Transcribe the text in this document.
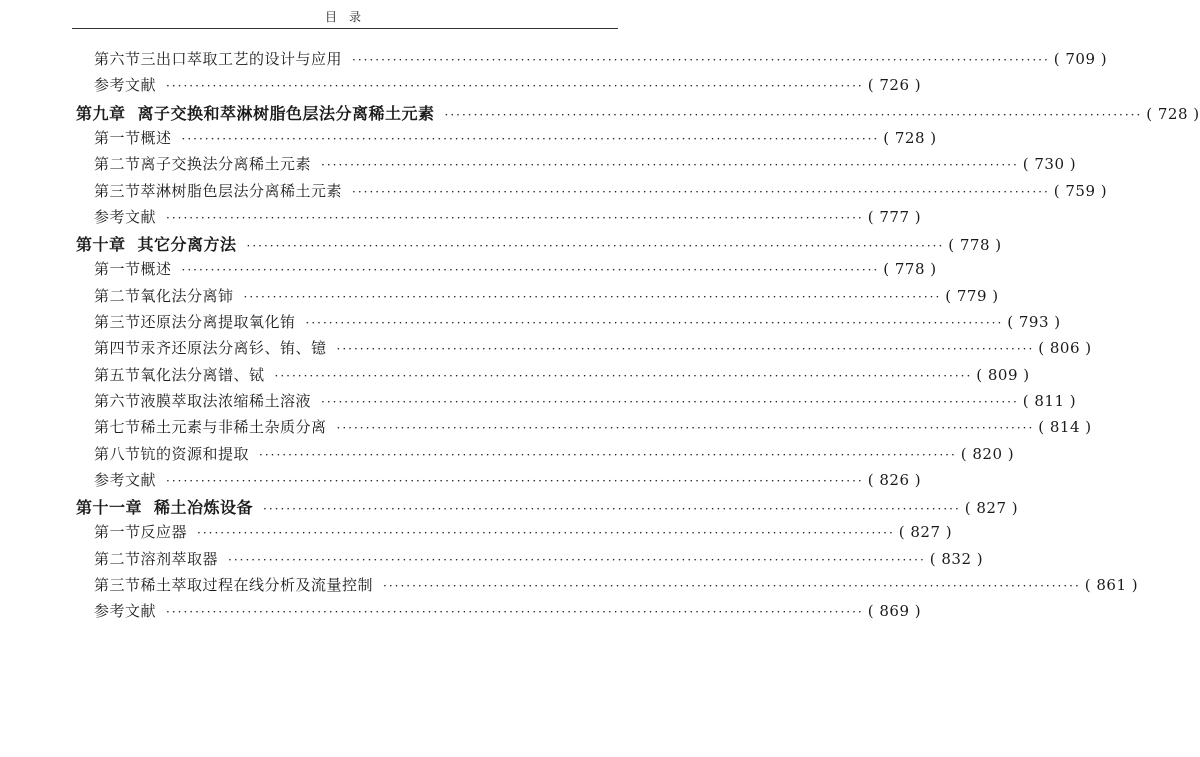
目录
第六节 三出口萃取工艺的设计与应用 ························································································································ ( 709 )
参考文献 ························································································································ ( 726 )
第九章 离子交换和萃淋树脂色层法分离稀土元素 ························································································································ ( 728 )
第一节 概述 ························································································································ ( 728 )
第二节 离子交换法分离稀土元素 ························································································································ ( 730 )
第三节 萃淋树脂色层法分离稀土元素 ························································································································ ( 759 )
参考文献 ························································································································ ( 777 )
第十章 其它分离方法 ························································································································ ( 778 )
第一节 概述 ························································································································ ( 778 )
第二节 氧化法分离铈 ························································································································ ( 779 )
第三节 还原法分离提取氧化铕 ························································································································ ( 793 )
第四节 汞齐还原法分离钐、铕、镱 ························································································································ ( 806 )
第五节 氧化法分离镨、铽 ························································································································ ( 809 )
第六节 液膜萃取法浓缩稀土溶液 ························································································································ ( 811 )
第七节 稀土元素与非稀土杂质分离 ························································································································ ( 814 )
第八节 钪的资源和提取 ························································································································ ( 820 )
参考文献 ························································································································ ( 826 )
第十一章 稀土冶炼设备 ························································································································ ( 827 )
第一节 反应器 ························································································································ ( 827 )
第二节 溶剂萃取器 ························································································································ ( 832 )
第三节 稀土萃取过程在线分析及流量控制 ························································································································ ( 861 )
参考文献 ························································································································ ( 869 )
